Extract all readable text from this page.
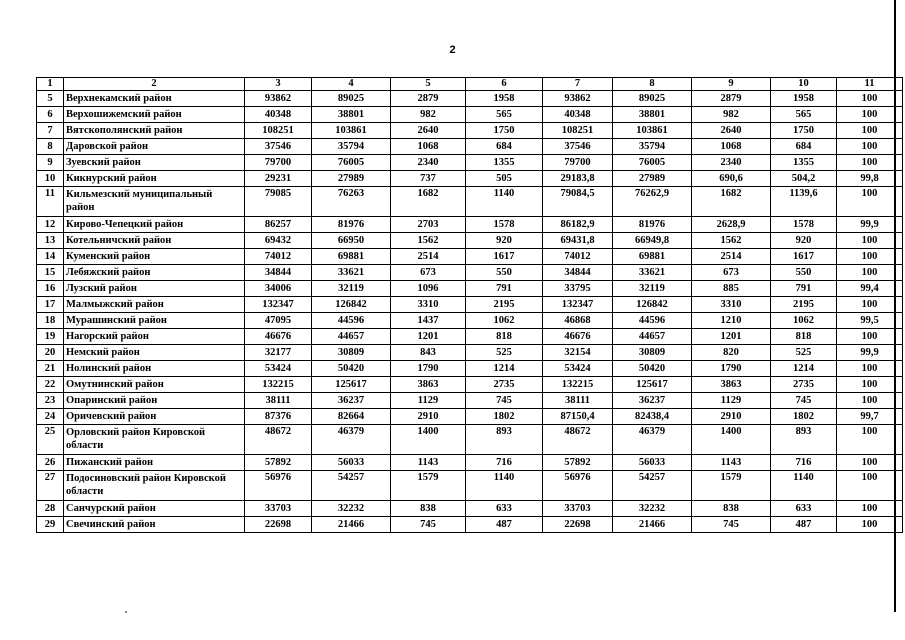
2
1	2	3	4	5	6	7	8	9	10	11
5	Верхнекамский район	93862	89025	2879	1958	93862	89025	2879	1958	100
6	Верхошижемский район	40348	38801	982	565	40348	38801	982	565	100
7	Вятскополянский район	108251	103861	2640	1750	108251	103861	2640	1750	100
8	Даровской район	37546	35794	1068	684	37546	35794	1068	684	100
9	Зуевский район	79700	76005	2340	1355	79700	76005	2340	1355	100
10	Кикнурский район	29231	27989	737	505	29183,8	27989	690,6	504,2	99,8
11	Кильмезский муниципальный район	79085	76263	1682	1140	79084,5	76262,9	1682	1139,6	100
12	Кирово-Чепецкий район	86257	81976	2703	1578	86182,9	81976	2628,9	1578	99,9
13	Котельничский район	69432	66950	1562	920	69431,8	66949,8	1562	920	100
14	Куменский район	74012	69881	2514	1617	74012	69881	2514	1617	100
15	Лебяжский район	34844	33621	673	550	34844	33621	673	550	100
16	Лузский район	34006	32119	1096	791	33795	32119	885	791	99,4
17	Малмыжский район	132347	126842	3310	2195	132347	126842	3310	2195	100
18	Мурашинский район	47095	44596	1437	1062	46868	44596	1210	1062	99,5
19	Нагорский район	46676	44657	1201	818	46676	44657	1201	818	100
20	Немский район	32177	30809	843	525	32154	30809	820	525	99,9
21	Нолинский район	53424	50420	1790	1214	53424	50420	1790	1214	100
22	Омутнинский район	132215	125617	3863	2735	132215	125617	3863	2735	100
23	Опаринский район	38111	36237	1129	745	38111	36237	1129	745	100
24	Оричевский район	87376	82664	2910	1802	87150,4	82438,4	2910	1802	99,7
25	Орловский район Кировской области	48672	46379	1400	893	48672	46379	1400	893	100
26	Пижанский район	57892	56033	1143	716	57892	56033	1143	716	100
27	Подосиновский район Кировской области	56976	54257	1579	1140	56976	54257	1579	1140	100
28	Санчурский район	33703	32232	838	633	33703	32232	838	633	100
29	Свечинский район	22698	21466	745	487	22698	21466	745	487	100
